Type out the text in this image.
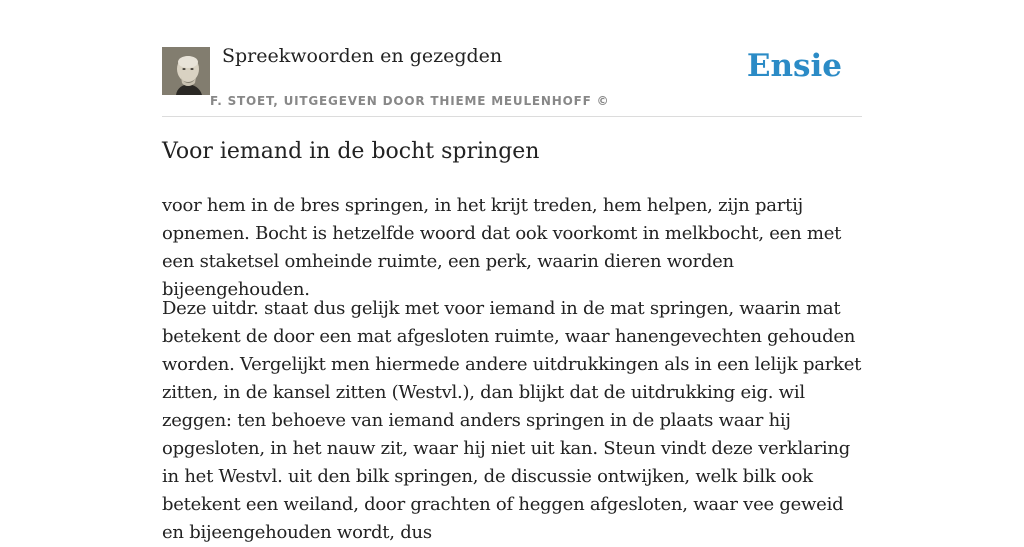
Spreekwoorden en gezegden
F. STOET, UITGEGEVEN DOOR THIEME MEULENHOFF ©
Ensie
Voor iemand in de bocht springen

voor hem in de bres springen, in het krijt treden, hem helpen, zijn partij opnemen. Bocht is hetzelfde woord dat ook voorkomt in melkbocht, een met een staketsel omheinde ruimte, een perk, waarin dieren worden bijeengehouden.

Deze uitdr. staat dus gelijk met voor iemand in de mat springen, waarin mat betekent de door een mat afgesloten ruimte, waar hanengevechten gehouden worden. Vergelijkt men hiermede andere uitdrukkingen als in een lelijk parket zitten, in de kansel zitten (Westvl.), dan blijkt dat de uitdrukking eig. wil zeggen: ten behoeve van iemand anders springen in de plaats waar hij opgesloten, in het nauw zit, waar hij niet uit kan. Steun vindt deze verklaring in het Westvl. uit den bilk springen, de discussie ontwijken, welk bilk ook betekent een weiland, door grachten of heggen afgesloten, waar vee geweid en bijeengehouden wordt, dus
